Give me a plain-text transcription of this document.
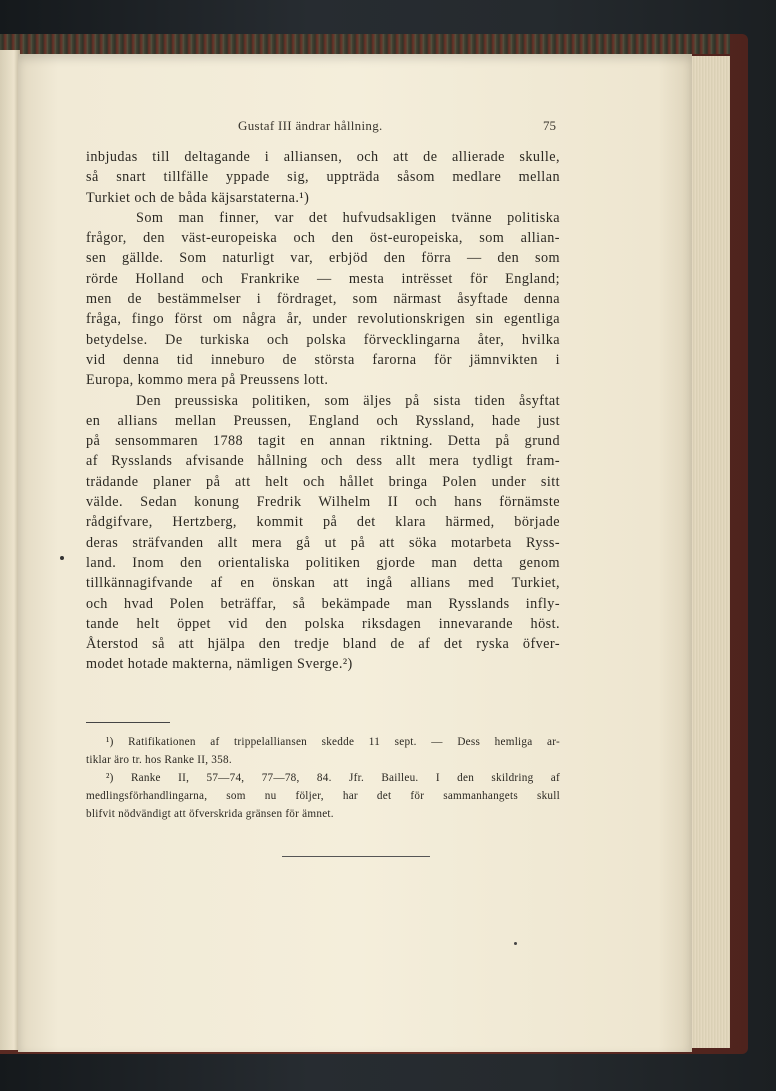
Gustaf III ändrar hållning.	75
inbjudas till deltagande i alliansen, och att de allierade skulle,
så snart tillfälle yppade sig, uppträda såsom medlare mellan
Turkiet och de båda käjsarstaterna.¹)
Som man finner, var det hufvudsakligen tvänne politiska
frågor, den väst-europeiska och den öst-europeiska, som allian-
sen gällde. Som naturligt var, erbjöd den förra — den som
rörde Holland och Frankrike — mesta intrësset för England;
men de bestämmelser i fördraget, som närmast åsyftade denna
fråga, fingo först om några år, under revolutionskrigen sin egentliga
betydelse. De turkiska och polska förvecklingarna åter, hvilka
vid denna tid inneburo de största farorna för jämnvikten i
Europa, kommo mera på Preussens lott.
Den preussiska politiken, som äljes på sista tiden åsyftat
en allians mellan Preussen, England och Ryssland, hade just
på sensommaren 1788 tagit en annan riktning. Detta på grund
af Rysslands afvisande hållning och dess allt mera tydligt fram-
trädande planer på att helt och hållet bringa Polen under sitt
välde. Sedan konung Fredrik Wilhelm II och hans förnämste
rådgifvare, Hertzberg, kommit på det klara härmed, började
deras sträfvanden allt mera gå ut på att söka motarbeta Ryss-
land. Inom den orientaliska politiken gjorde man detta genom
tillkännagifvande af en önskan att ingå allians med Turkiet,
och hvad Polen beträffar, så bekämpade man Rysslands infly-
tande helt öppet vid den polska riksdagen innevarande höst.
Återstod så att hjälpa den tredje bland de af det ryska öfver-
modet hotade makterna, nämligen Sverge.²)
¹) Ratifikationen af trippelalliansen skedde 11 sept. — Dess hemliga ar-
tiklar äro tr. hos Ranke II, 358.
²) Ranke II, 57—74, 77—78, 84. Jfr. Bailleu. I den skildring af
medlingsförhandlingarna, som nu följer, har det för sammanhangets skull
blifvit nödvändigt att öfverskrida gränsen för ämnet.
